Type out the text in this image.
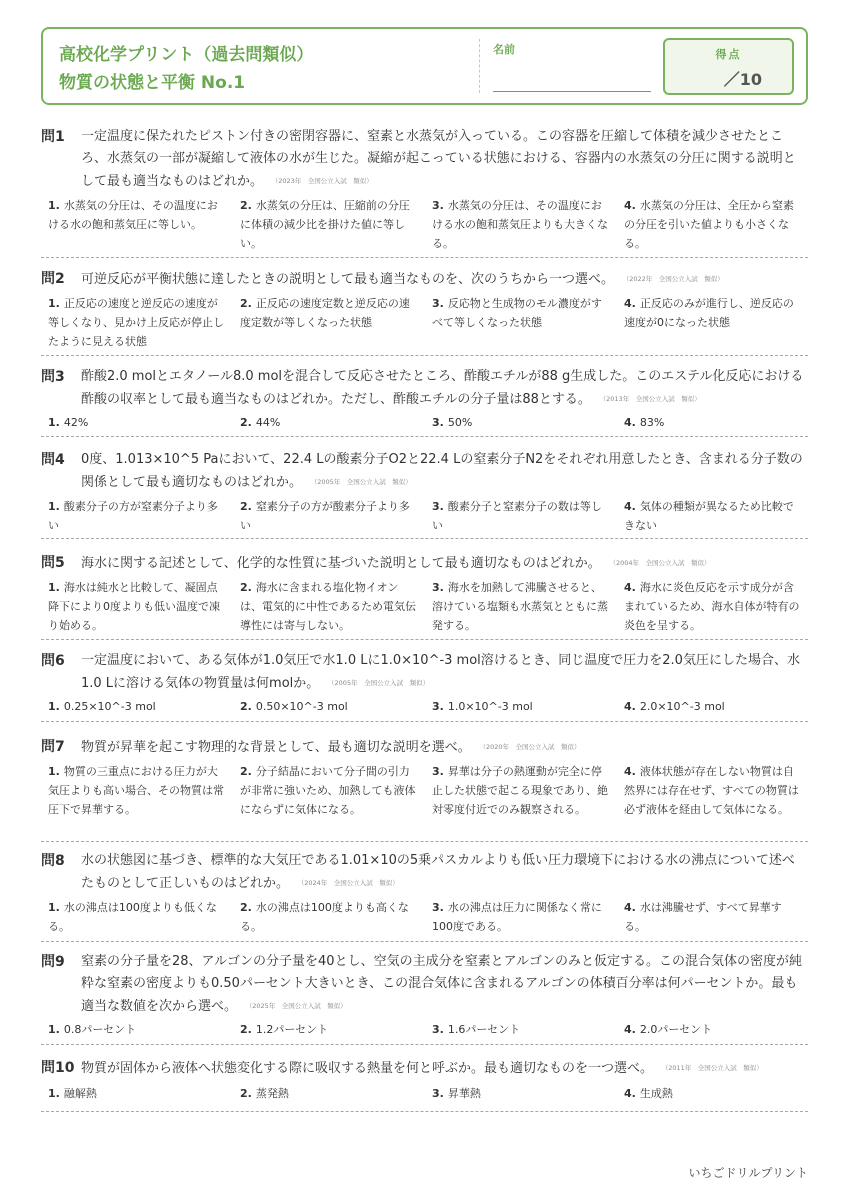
高校化学プリント（過去問類似）
物質の状態と平衡 No.1
名前	得点
／10
問1 一定温度に保たれたピストン付きの密閉容器に、窒素と水蒸気が入っている。この容器を圧縮して体積を減少させたところ、水蒸気の一部が凝縮して液体の水が生じた。凝縮が起こっている状態における、容器内の水蒸気の分圧に関する説明として最も適当なものはどれか。 （2023年　全国公立入試　類似）
1. 水蒸気の分圧は、その温度における水の飽和蒸気圧に等しい。
2. 水蒸気の分圧は、圧縮前の分圧に体積の減少比を掛けた値に等しい。
3. 水蒸気の分圧は、その温度における水の飽和蒸気圧よりも大きくなる。
4. 水蒸気の分圧は、全圧から窒素の分圧を引いた値よりも小さくなる。
問2 可逆反応が平衡状態に達したときの説明として最も適当なものを、次のうちから一つ選べ。 （2022年　全国公立入試　類似）
1. 正反応の速度と逆反応の速度が等しくなり、見かけ上反応が停止したように見える状態
2. 正反応の速度定数と逆反応の速度定数が等しくなった状態
3. 反応物と生成物のモル濃度がすべて等しくなった状態
4. 正反応のみが進行し、逆反応の速度が0になった状態
問3 酢酸2.0 molとエタノール8.0 molを混合して反応させたところ、酢酸エチルが88 g生成した。このエステル化反応における酢酸の収率として最も適当なものはどれか。ただし、酢酸エチルの分子量は88とする。 （2013年　全国公立入試　類似）
1. 42%	2. 44%	3. 50%	4. 83%
問4 0度、1.013×10^5 Paにおいて、22.4 Lの酸素分子O2と22.4 Lの窒素分子N2をそれぞれ用意したとき、含まれる分子数の関係として最も適切なものはどれか。 （2005年　全国公立入試　類似）
1. 酸素分子の方が窒素分子より多い
2. 窒素分子の方が酸素分子より多い
3. 酸素分子と窒素分子の数は等しい
4. 気体の種類が異なるため比較できない
問5 海水に関する記述として、化学的な性質に基づいた説明として最も適切なものはどれか。 （2004年　全国公立入試　類似）
1. 海水は純水と比較して、凝固点降下により0度よりも低い温度で凍り始める。
2. 海水に含まれる塩化物イオンは、電気的に中性であるため電気伝導性には寄与しない。
3. 海水を加熱して沸騰させると、溶けている塩類も水蒸気とともに蒸発する。
4. 海水に炎色反応を示す成分が含まれているため、海水自体が特有の炎色を呈する。
問6 一定温度において、ある気体が1.0気圧で水1.0 Lに1.0×10^-3 mol溶けるとき、同じ温度で圧力を2.0気圧にした場合、水1.0 Lに溶ける気体の物質量は何molか。 （2005年　全国公立入試　類似）
1. 0.25×10^-3 mol	2. 0.50×10^-3 mol	3. 1.0×10^-3 mol	4. 2.0×10^-3 mol
問7 物質が昇華を起こす物理的な背景として、最も適切な説明を選べ。 （2020年　全国公立入試　類似）
1. 物質の三重点における圧力が大気圧よりも高い場合、その物質は常圧下で昇華する。
2. 分子結晶において分子間の引力が非常に強いため、加熱しても液体にならずに気体になる。
3. 昇華は分子の熱運動が完全に停止した状態で起こる現象であり、絶対零度付近でのみ観察される。
4. 液体状態が存在しない物質は自然界には存在せず、すべての物質は必ず液体を経由して気体になる。
問8 水の状態図に基づき、標準的な大気圧である1.01×10の5乗パスカルよりも低い圧力環境下における水の沸点について述べたものとして正しいものはどれか。 （2024年　全国公立入試　類似）
1. 水の沸点は100度よりも低くなる。
2. 水の沸点は100度よりも高くなる。
3. 水の沸点は圧力に関係なく常に100度である。
4. 水は沸騰せず、すべて昇華する。
問9 窒素の分子量を28、アルゴンの分子量を40とし、空気の主成分を窒素とアルゴンのみと仮定する。この混合気体の密度が純粋な窒素の密度よりも0.50パーセント大きいとき、この混合気体に含まれるアルゴンの体積百分率は何パーセントか。最も適当な数値を次から選べ。 （2025年　全国公立入試　類似）
1. 0.8パーセント	2. 1.2パーセント	3. 1.6パーセント	4. 2.0パーセント
問10 物質が固体から液体へ状態変化する際に吸収する熱量を何と呼ぶか。最も適切なものを一つ選べ。 （2011年　全国公立入試　類似）
1. 融解熱	2. 蒸発熱	3. 昇華熱	4. 生成熱
いちごドリルプリント
